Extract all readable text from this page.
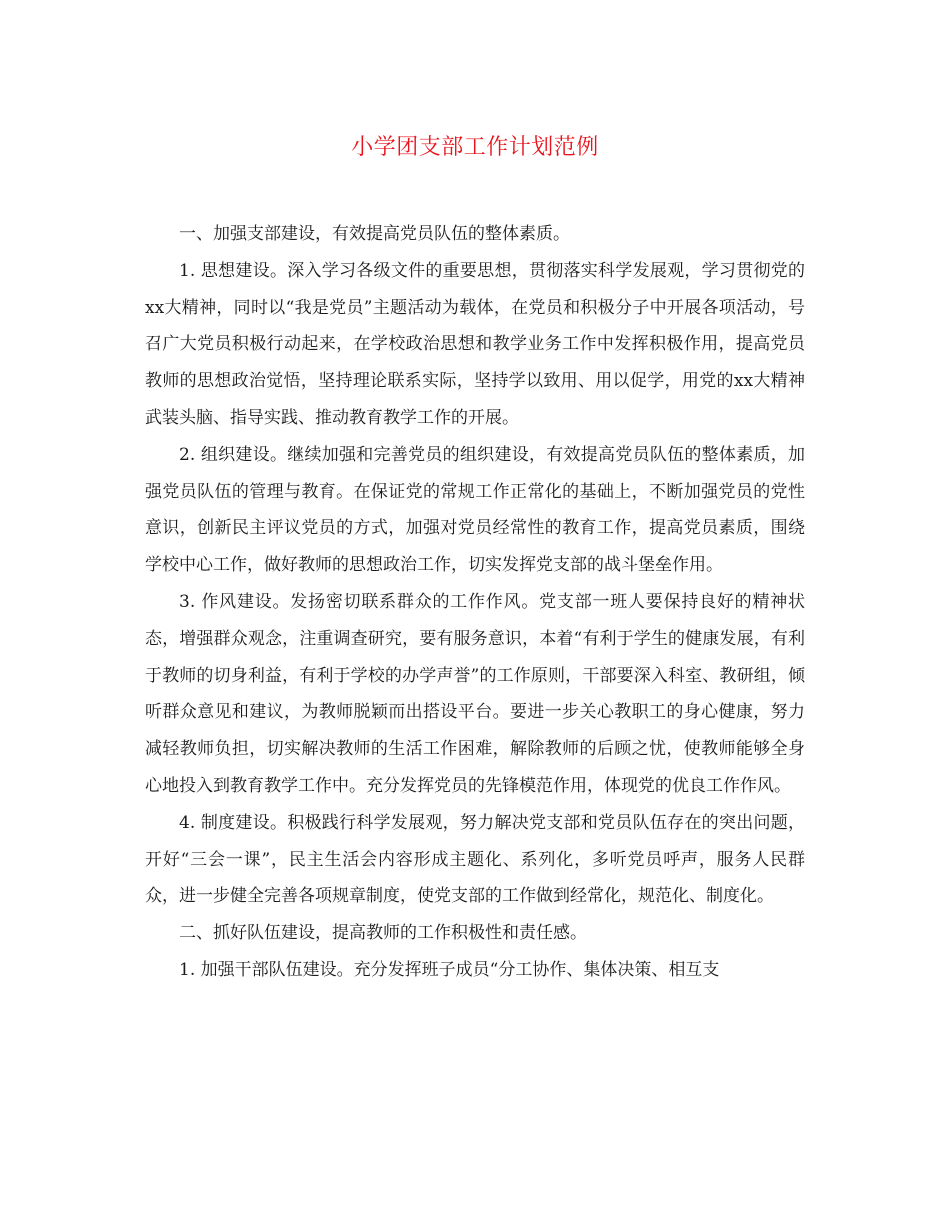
小学团支部工作计划范例

一、加强支部建设，有效提高党员队伍的整体素质。

1. 思想建设。深入学习各级文件的重要思想，贯彻落实科学发展观，学习贯彻党的xx大精神，同时以“我是党员”主题活动为载体，在党员和积极分子中开展各项活动，号召广大党员积极行动起来，在学校政治思想和教学业务工作中发挥积极作用，提高党员教师的思想政治觉悟，坚持理论联系实际，坚持学以致用、用以促学，用党的xx大精神武装头脑、指导实践、推动教育教学工作的开展。

2. 组织建设。继续加强和完善党员的组织建设，有效提高党员队伍的整体素质，加强党员队伍的管理与教育。在保证党的常规工作正常化的基础上，不断加强党员的党性意识，创新民主评议党员的方式，加强对党员经常性的教育工作，提高党员素质，围绕学校中心工作，做好教师的思想政治工作，切实发挥党支部的战斗堡垒作用。

3. 作风建设。发扬密切联系群众的工作作风。党支部一班人要保持良好的精神状态，增强群众观念，注重调查研究，要有服务意识，本着“有利于学生的健康发展，有利于教师的切身利益，有利于学校的办学声誉”的工作原则，干部要深入科室、教研组，倾听群众意见和建议，为教师脱颖而出搭设平台。要进一步关心教职工的身心健康，努力减轻教师负担，切实解决教师的生活工作困难，解除教师的后顾之忧，使教师能够全身心地投入到教育教学工作中。充分发挥党员的先锋模范作用，体现党的优良工作作风。

4. 制度建设。积极践行科学发展观，努力解决党支部和党员队伍存在的突出问题，开好“三会一课”，民主生活会内容形成主题化、系列化，多听党员呼声，服务人民群众，进一步健全完善各项规章制度，使党支部的工作做到经常化，规范化、制度化。

二、抓好队伍建设，提高教师的工作积极性和责任感。

1. 加强干部队伍建设。充分发挥班子成员“分工协作、集体决策、相互支
